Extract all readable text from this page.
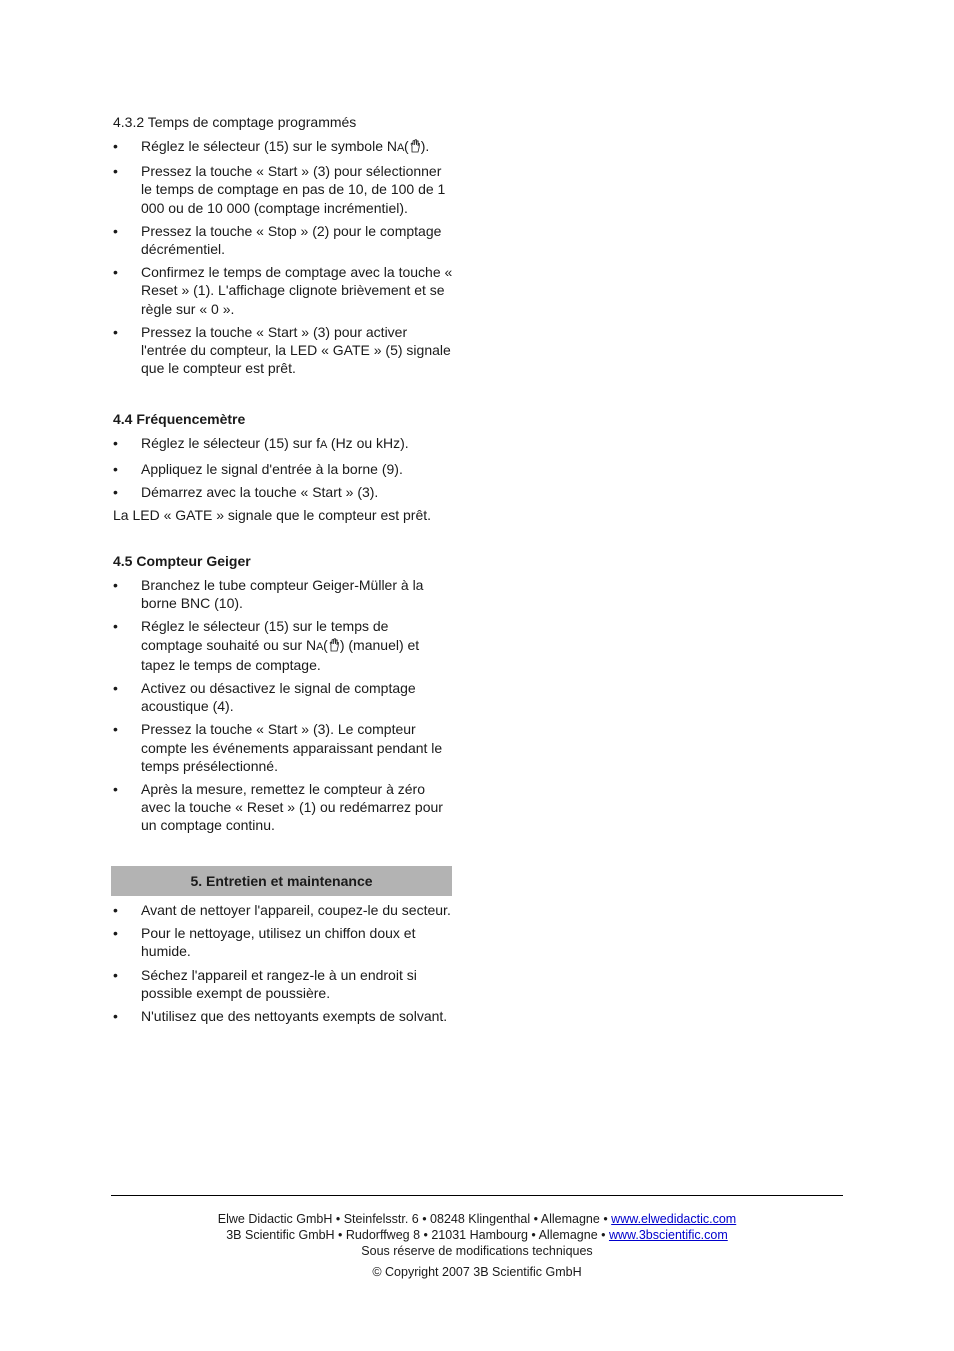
4.3.2 Temps de comptage programmés

•	Réglez le sélecteur (15) sur le symbole NA( ).
•	Pressez la touche « Start » (3) pour sélectionner le temps de comptage en pas de 10, de 100 de 1 000 ou de 10 000 (comptage incrémentiel).
•	Pressez la touche « Stop » (2) pour le comptage décrémentiel.
•	Confirmez le temps de comptage avec la touche « Reset » (1). L'affichage clignote brièvement et se règle sur « 0 ».
•	Pressez la touche « Start » (3) pour activer l'entrée du compteur, la LED « GATE » (5) signale que le compteur est prêt.

4.4 Fréquencemètre

•	Réglez le sélecteur (15) sur fA (Hz ou kHz).
•	Appliquez le signal d'entrée à la borne (9).
•	Démarrez avec la touche « Start » (3).

La LED « GATE » signale que le compteur est prêt.

4.5 Compteur Geiger

•	Branchez le tube compteur Geiger-Müller à la borne BNC (10).
•	Réglez le sélecteur (15) sur le temps de comptage souhaité ou sur NA( ) (manuel) et tapez le temps de comptage.
•	Activez ou désactivez le signal de comptage acoustique (4).
•	Pressez la touche « Start » (3). Le compteur compte les événements apparaissant pendant le temps présélectionné.
•	Après la mesure, remettez le compteur à zéro avec la touche « Reset » (1) ou redémarrez pour un comptage continu.
5. Entretien et maintenance
•	Avant de nettoyer l'appareil, coupez-le du secteur.
•	Pour le nettoyage, utilisez un chiffon doux et humide.
•	Séchez l'appareil et rangez-le à un endroit si possible exempt de poussière.
•	N'utilisez que des nettoyants exempts de solvant.
Elwe Didactic GmbH • Steinfelsstr. 6 • 08248 Klingenthal • Allemagne • www.elwedidactic.com
3B Scientific GmbH • Rudorffweg 8 • 21031 Hambourg • Allemagne • www.3bscientific.com
Sous réserve de modifications techniques
© Copyright 2007 3B Scientific GmbH
